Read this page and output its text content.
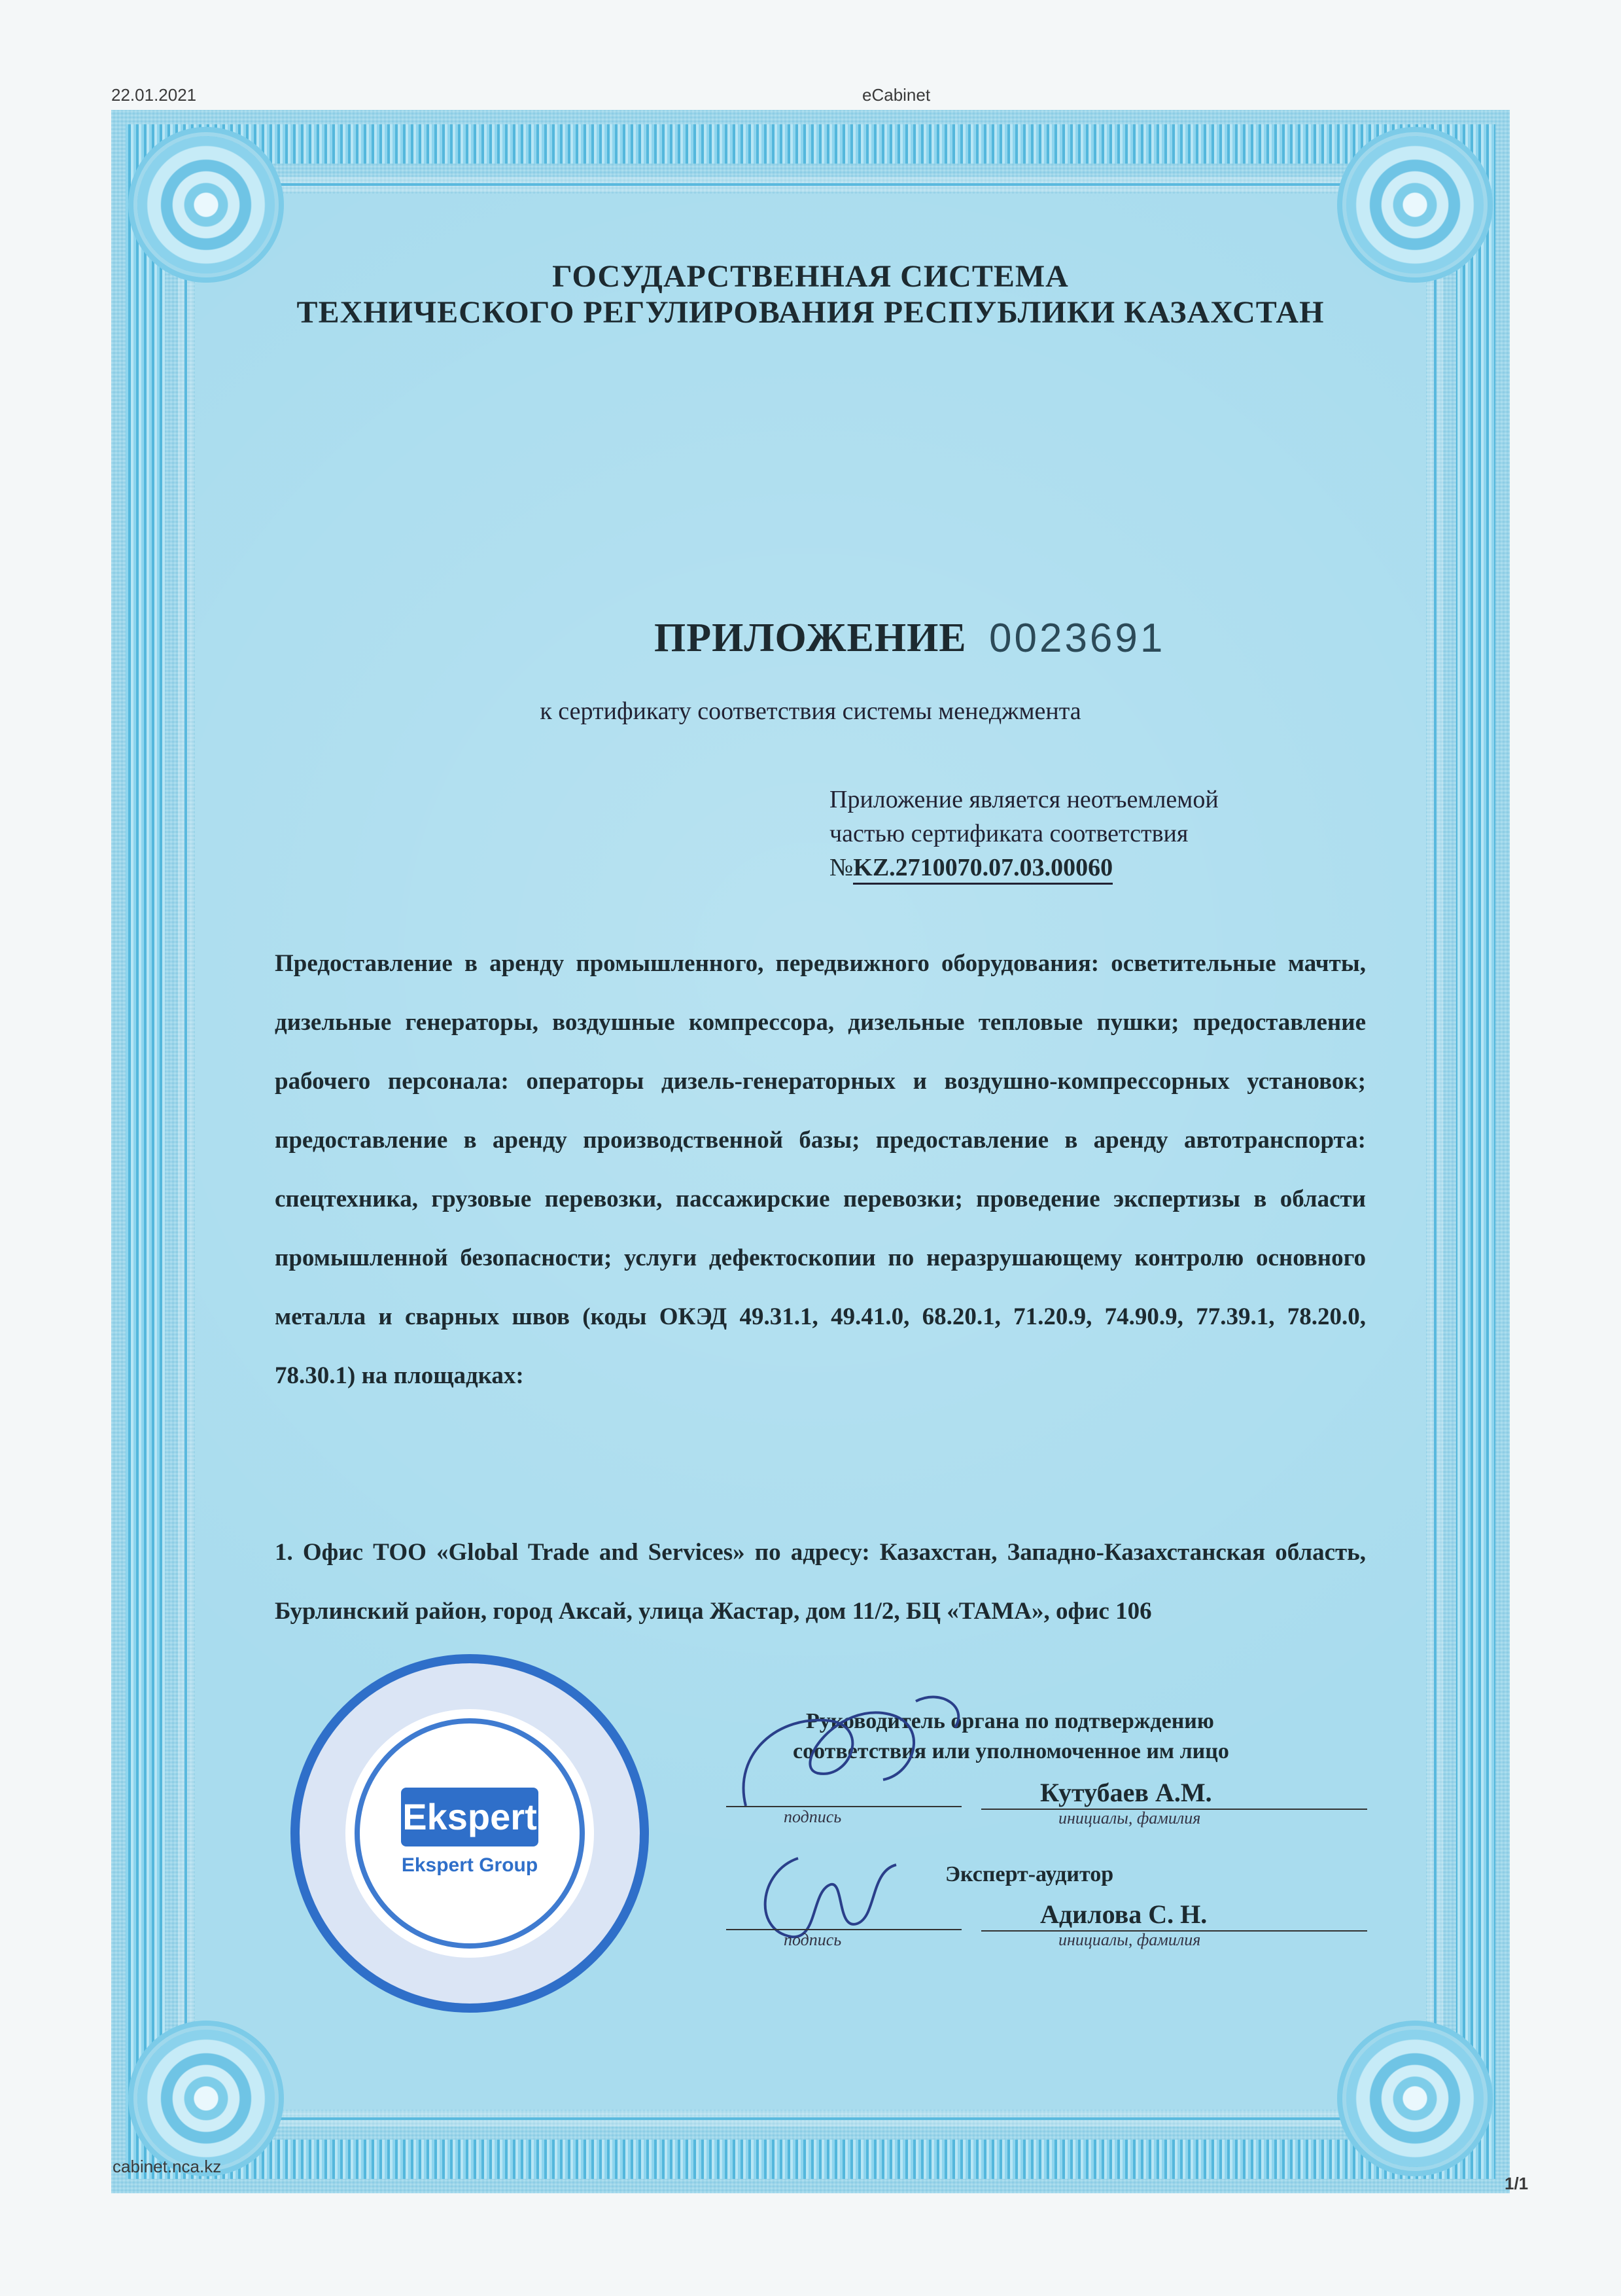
22.01.2021	eCabinet
ГОСУДАРСТВЕННАЯ СИСТЕМА
ТЕХНИЧЕСКОГО РЕГУЛИРОВАНИЯ РЕСПУБЛИКИ КАЗАХСТАН
ПРИЛОЖЕНИЕ 0023691
к сертификату соответствия системы менеджмента
Приложение является неотъемлемой
частью сертификата соответствия
№KZ.2710070.07.03.00060

Предоставление в аренду промышленного, передвижного оборудования: осветительные мачты, дизельные генераторы, воздушные компрессора, дизельные тепловые пушки; предоставление рабочего персонала: операторы дизель-генераторных и воздушно-компрессорных установок; предоставление в аренду производственной базы; предоставление в аренду автотранспорта: спецтехника, грузовые перевозки, пассажирские перевозки; проведение экспертизы в области промышленной безопасности; услуги дефектоскопии по неразрушающему контролю основного металла и сварных швов (коды ОКЭД 49.31.1, 49.41.0, 68.20.1, 71.20.9, 74.90.9, 77.39.1, 78.20.0, 78.30.1) на площадках:

1. Офис ТОО «Global Trade and Services» по адресу: Казахстан, Западно-Казахстанская область, Бурлинский район, город Аксай, улица Жастар, дом 11/2, БЦ «ТАМА», офис 106

Ekspert
Ekspert Group
Руководитель органа по подтверждению
соответствия или уполномоченное им лицо
подпись
Кутубаев А.М.
инициалы, фамилия
Эксперт-аудитор
подпись
Адилова С. Н.
инициалы, фамилия
cabinet.nca.kz
1/1
